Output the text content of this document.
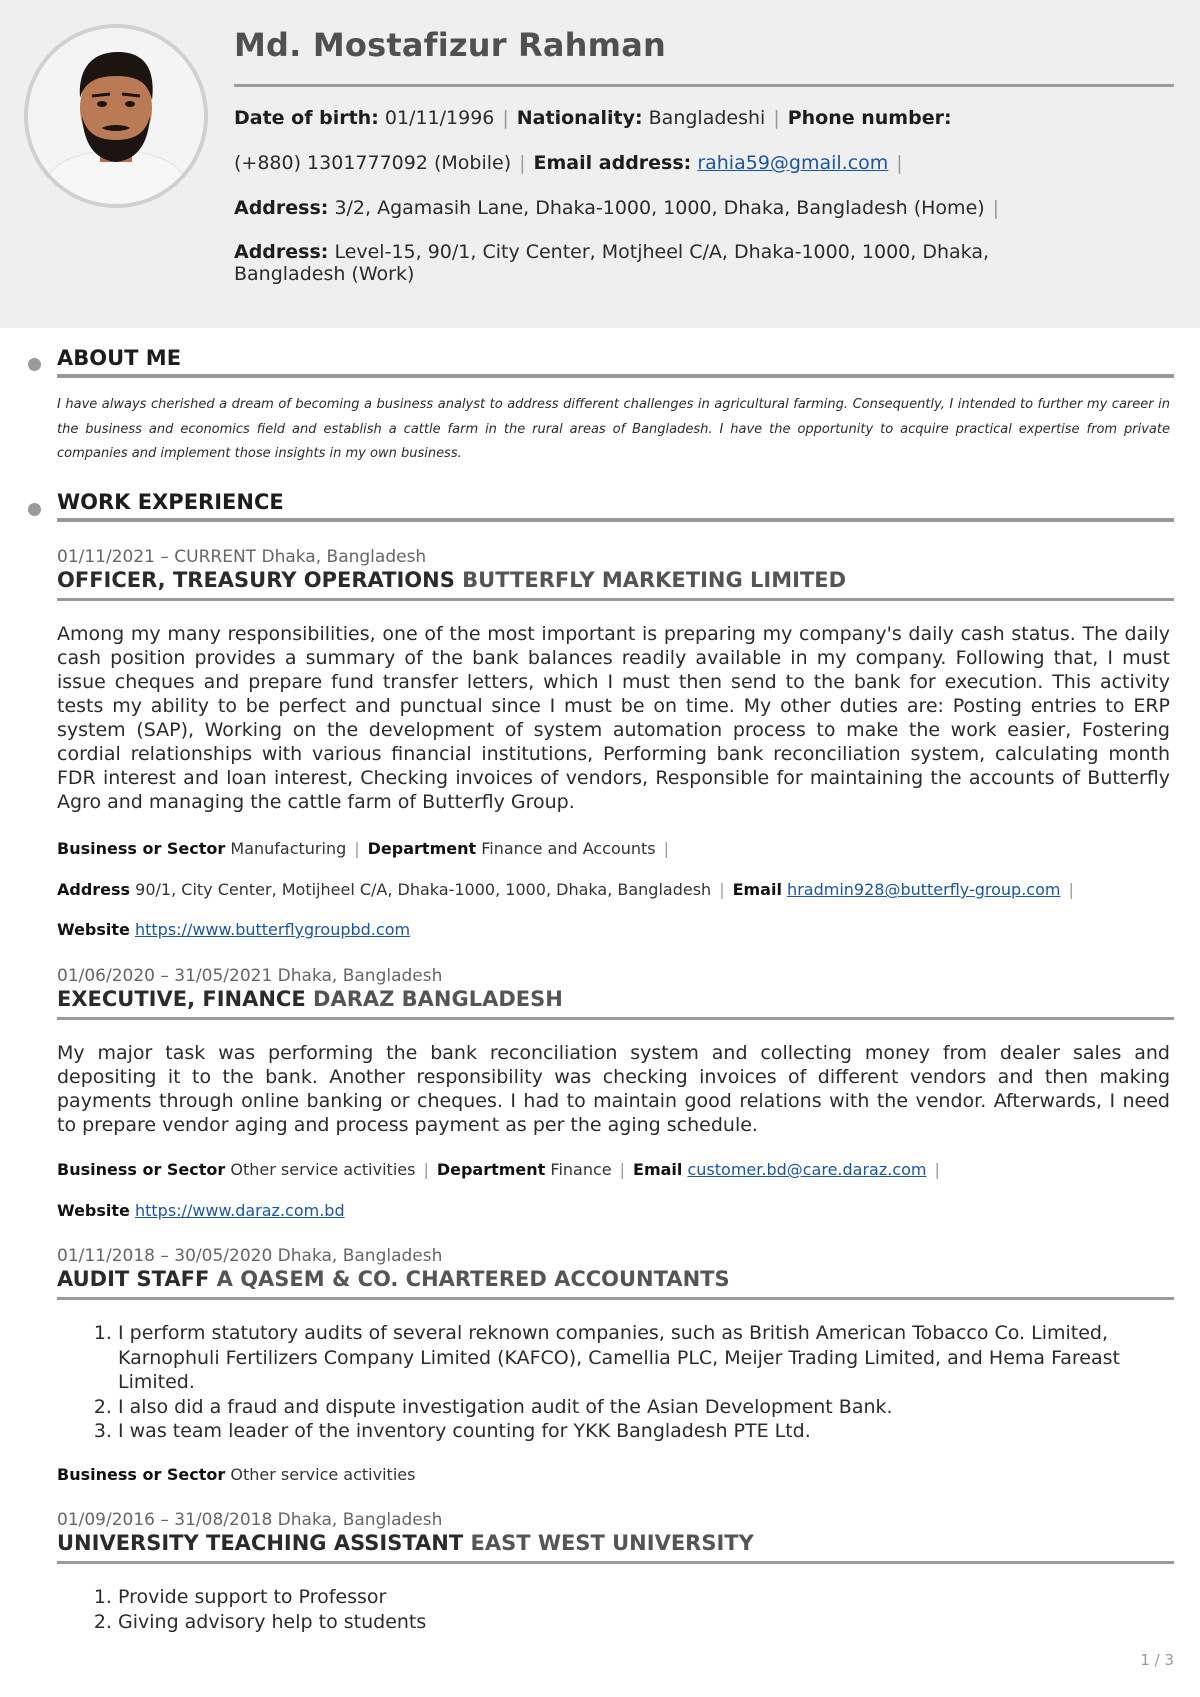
Md. Mostafizur Rahman
Date of birth: 01/11/1996 | Nationality: Bangladeshi | Phone number:
(+880) 1301777092 (Mobile) | Email address: rahia59@gmail.com |
Address: 3/2, Agamasih Lane, Dhaka-1000, 1000, Dhaka, Bangladesh (Home) |
Address: Level-15, 90/1, City Center, Motjheel C/A, Dhaka-1000, 1000, Dhaka, Bangladesh (Work)
ABOUT ME

I have always cherished a dream of becoming a business analyst to address different challenges in agricultural farming. Consequently, I intended to further my career in the business and economics field and establish a cattle farm in the rural areas of Bangladesh. I have the opportunity to acquire practical expertise from private companies and implement those insights in my own business.

WORK EXPERIENCE
01/11/2021 – CURRENT Dhaka, Bangladesh
OFFICER, TREASURY OPERATIONS BUTTERFLY MARKETING LIMITED

Among my many responsibilities, one of the most important is preparing my company's daily cash status. The daily cash position provides a summary of the bank balances readily available in my company. Following that, I must issue cheques and prepare fund transfer letters, which I must then send to the bank for execution. This activity tests my ability to be perfect and punctual since I must be on time. My other duties are: Posting entries to ERP system (SAP), Working on the development of system automation process to make the work easier, Fostering cordial relationships with various financial institutions, Performing bank reconciliation system, calculating month FDR interest and loan interest, Checking invoices of vendors, Responsible for maintaining the accounts of Butterfly Agro and managing the cattle farm of Butterfly Group.

Business or Sector Manufacturing | Department Finance and Accounts |
Address 90/1, City Center, Motijheel C/A, Dhaka-1000, 1000, Dhaka, Bangladesh | Email hradmin928@butterfly-group.com |
Website https://www.butterflygroupbd.com
01/06/2020 – 31/05/2021 Dhaka, Bangladesh
EXECUTIVE, FINANCE DARAZ BANGLADESH

My major task was performing the bank reconciliation system and collecting money from dealer sales and depositing it to the bank. Another responsibility was checking invoices of different vendors and then making payments through online banking or cheques. I had to maintain good relations with the vendor. Afterwards, I need to prepare vendor aging and process payment as per the aging schedule.

Business or Sector Other service activities | Department Finance | Email customer.bd@care.daraz.com |
Website https://www.daraz.com.bd
01/11/2018 – 30/05/2020 Dhaka, Bangladesh
AUDIT STAFF A QASEM & CO. CHARTERED ACCOUNTANTS
1. I perform statutory audits of several reknown companies, such as British American Tobacco Co. Limited, Karnophuli Fertilizers Company Limited (KAFCO), Camellia PLC, Meijer Trading Limited, and Hema Fareast Limited.
2. I also did a fraud and dispute investigation audit of the Asian Development Bank.
3. I was team leader of the inventory counting for YKK Bangladesh PTE Ltd.
Business or Sector Other service activities
01/09/2016 – 31/08/2018 Dhaka, Bangladesh
UNIVERSITY TEACHING ASSISTANT EAST WEST UNIVERSITY
1. Provide support to Professor
2. Giving advisory help to students
1 / 3
